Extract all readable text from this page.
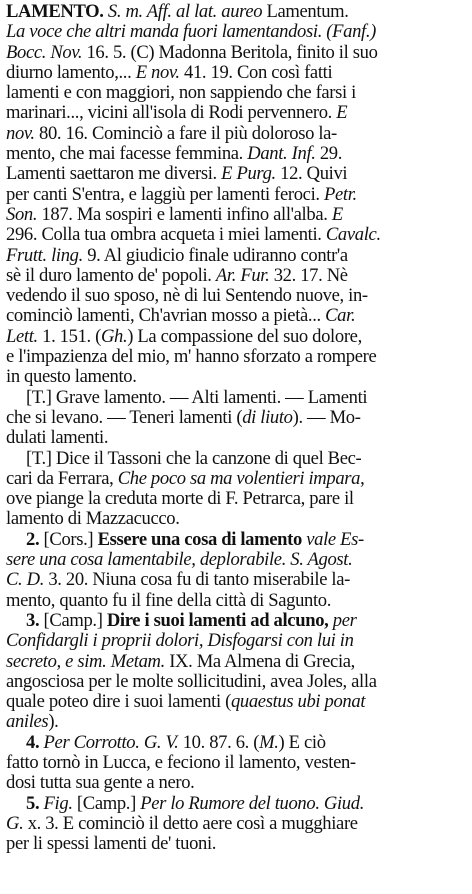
LAMENTO. S. m. Aff. al lat. aureo Lamentum.
La voce che altri manda fuori lamentandosi. (Fanf.)
Bocc. Nov. 16. 5. (C) Madonna Beritola, finito il suo
diurno lamento,... E nov. 41. 19. Con così fatti
lamenti e con maggiori, non sappiendo che farsi i
marinari..., vicini all'isola di Rodi pervennero. E
nov. 80. 16. Cominciò a fare il più doloroso la-
mento, che mai facesse femmina. Dant. Inf. 29.
Lamenti saettaron me diversi. E Purg. 12. Quivi
per canti S'entra, e laggiù per lamenti feroci. Petr.
Son. 187. Ma sospiri e lamenti infino all'alba. E
296. Colla tua ombra acqueta i miei lamenti. Cavalc.
Frutt. ling. 9. Al giudicio finale udiranno contr'a
sè il duro lamento de' popoli. Ar. Fur. 32. 17. Nè
vedendo il suo sposo, nè di lui Sentendo nuove, in-
cominciò lamenti, Ch'avrian mosso a pietà... Car.
Lett. 1. 151. (Gh.) La compassione del suo dolore,
e l'impazienza del mio, m' hanno sforzato a rompere
in questo lamento.
[T.] Grave lamento. — Alti lamenti. — Lamenti
che si levano. — Teneri lamenti (di liuto). — Mo-
dulati lamenti.
[T.] Dice il Tassoni che la canzone di quel Bec-
cari da Ferrara, Che poco sa ma volentieri impara,
ove piange la creduta morte di F. Petrarca, pare il
lamento di Mazzacucco.
2. [Cors.] Essere una cosa di lamento vale Es-
sere una cosa lamentabile, deplorabile. S. Agost.
C. D. 3. 20. Niuna cosa fu di tanto miserabile la-
mento, quanto fu il fine della città di Sagunto.
3. [Camp.] Dire i suoi lamenti ad alcuno, per
Confidargli i proprii dolori, Disfogarsi con lui in
secreto, e sim. Metam. IX. Ma Almena di Grecia,
angosciosa per le molte sollicitudini, avea Joles, alla
quale poteo dire i suoi lamenti (quaestus ubi ponat
aniles).
4. Per Corrotto. G. V. 10. 87. 6. (M.) E ciò
fatto tornò in Lucca, e feciono il lamento, vesten-
dosi tutta sua gente a nero.
5. Fig. [Camp.] Per lo Rumore del tuono. Giud.
G. x. 3. E cominciò il detto aere così a mugghiare
per li spessi lamenti de' tuoni.
